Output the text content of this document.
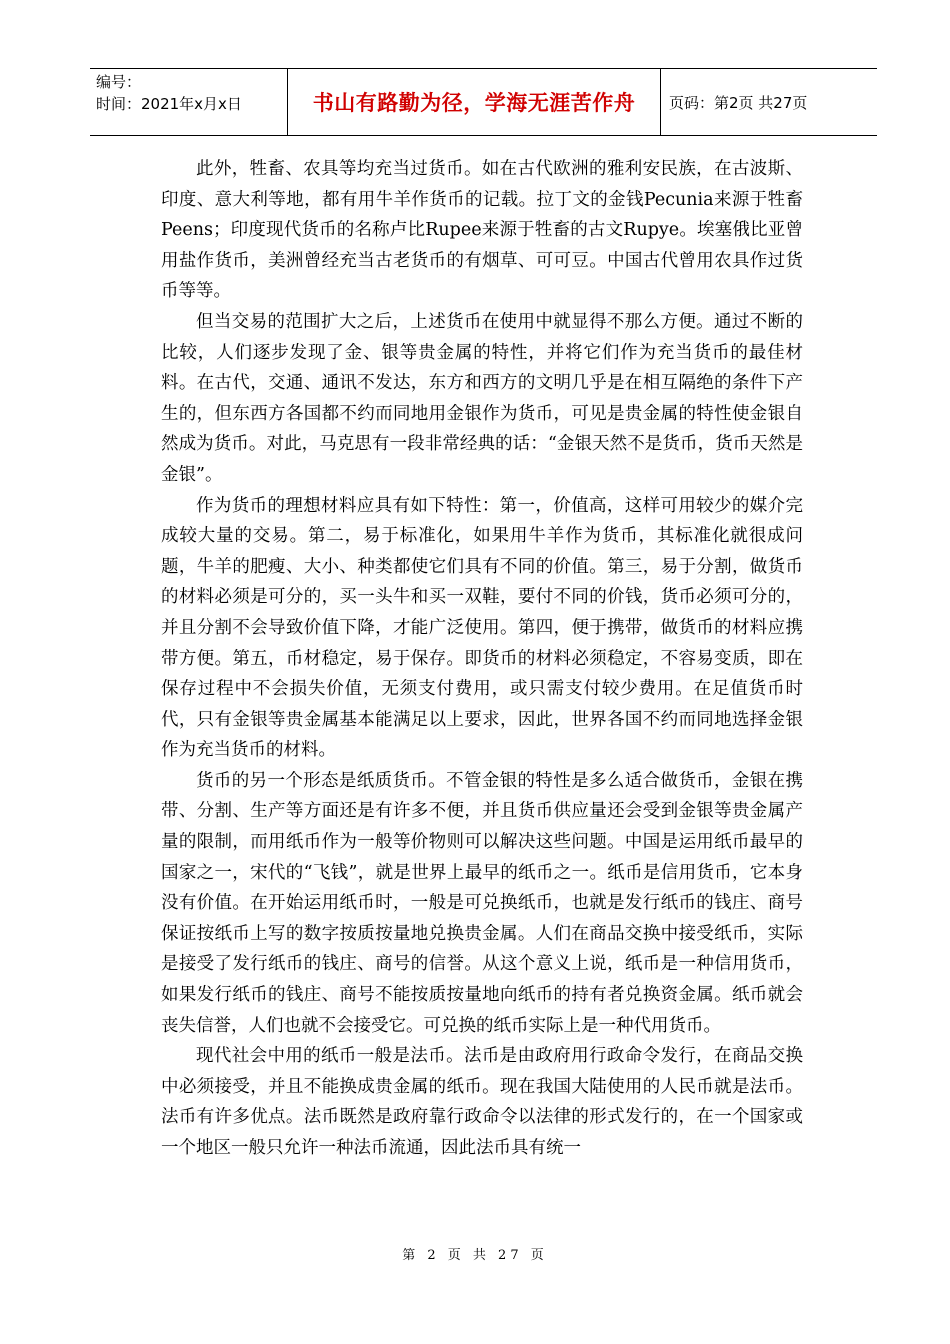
编号：
时间：2021年x月x日	书山有路勤为径，学海无涯苦作舟	页码：第2页 共27页

此外，牲畜、农具等均充当过货币。如在古代欧洲的雅利安民族，在古波斯、印度、意大利等地，都有用牛羊作货币的记载。拉丁文的金钱Pecunia来源于牲畜Peens；印度现代货币的名称卢比Rupee来源于牲畜的古文Rupye。埃塞俄比亚曾用盐作货币，美洲曾经充当古老货币的有烟草、可可豆。中国古代曾用农具作过货币等等。

但当交易的范围扩大之后，上述货币在使用中就显得不那么方便。通过不断的比较，人们逐步发现了金、银等贵金属的特性，并将它们作为充当货币的最佳材料。在古代，交通、通讯不发达，东方和西方的文明几乎是在相互隔绝的条件下产生的，但东西方各国都不约而同地用金银作为货币，可见是贵金属的特性使金银自然成为货币。对此，马克思有一段非常经典的话：“金银天然不是货币，货币天然是金银”。

作为货币的理想材料应具有如下特性：第一，价值高，这样可用较少的媒介完成较大量的交易。第二，易于标准化，如果用牛羊作为货币，其标准化就很成问题，牛羊的肥瘦、大小、种类都使它们具有不同的价值。第三，易于分割，做货币的材料必须是可分的，买一头牛和买一双鞋，要付不同的价钱，货币必须可分的，并且分割不会导致价值下降，才能广泛使用。第四，便于携带，做货币的材料应携带方便。第五，币材稳定，易于保存。即货币的材料必须稳定，不容易变质，即在保存过程中不会损失价值，无须支付费用，或只需支付较少费用。在足值货币时代，只有金银等贵金属基本能满足以上要求，因此，世界各国不约而同地选择金银作为充当货币的材料。

货币的另一个形态是纸质货币。不管金银的特性是多么适合做货币，金银在携带、分割、生产等方面还是有许多不便，并且货币供应量还会受到金银等贵金属产量的限制，而用纸币作为一般等价物则可以解决这些问题。中国是运用纸币最早的国家之一，宋代的“飞钱”，就是世界上最早的纸币之一。纸币是信用货币，它本身没有价值。在开始运用纸币时，一般是可兑换纸币，也就是发行纸币的钱庄、商号保证按纸币上写的数字按质按量地兑换贵金属。人们在商品交换中接受纸币，实际是接受了发行纸币的钱庄、商号的信誉。从这个意义上说，纸币是一种信用货币，如果发行纸币的钱庄、商号不能按质按量地向纸币的持有者兑换资金属。纸币就会丧失信誉，人们也就不会接受它。可兑换的纸币实际上是一种代用货币。

现代社会中用的纸币一般是法币。法币是由政府用行政命令发行，在商品交换中必须接受，并且不能换成贵金属的纸币。现在我国大陆使用的人民币就是法币。法币有许多优点。法币既然是政府靠行政命令以法律的形式发行的，在一个国家或一个地区一般只允许一种法币流通，因此法币具有统一

第 2 页 共 27 页
